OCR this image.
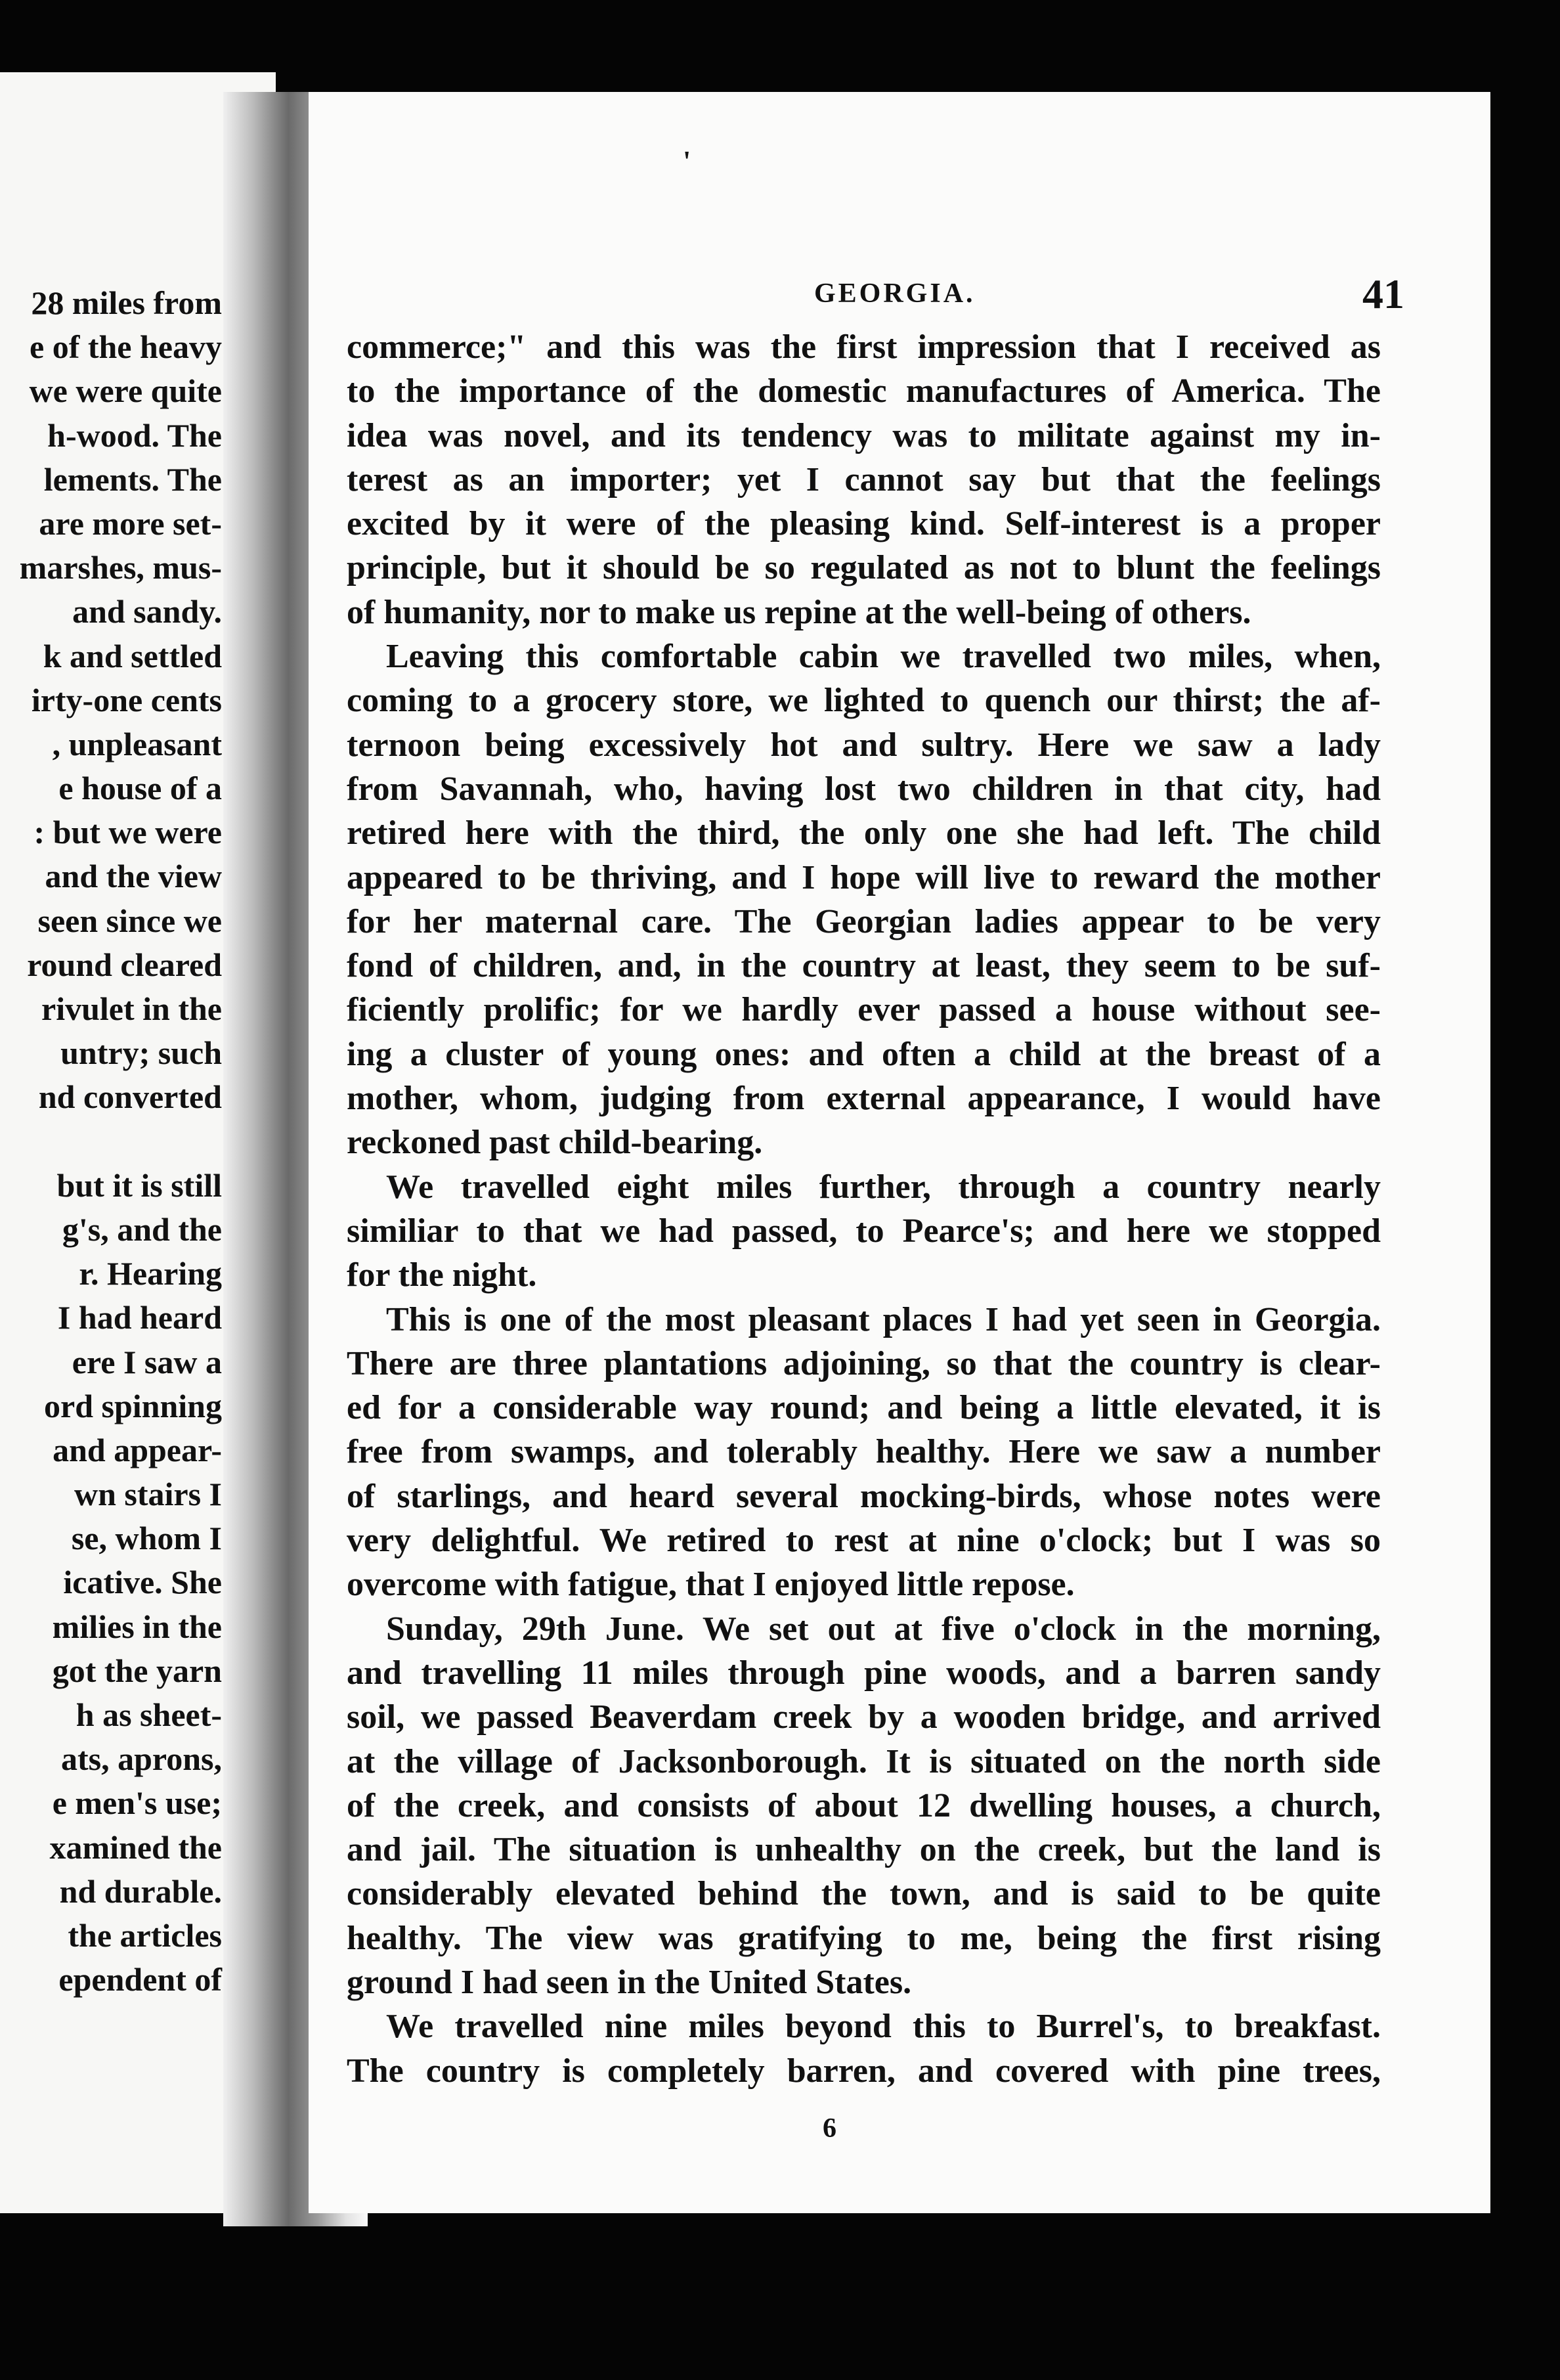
28 miles from
e of the heavy
we were quite
h-wood. The
lements. The
are more set-
marshes, mus-
and sandy.
k and settled
irty-one cents
, unpleasant
e house of a
: but we were
and the view
seen since we
round cleared
rivulet in the
untry; such
nd converted
but it is still
g's, and the
r. Hearing
I had heard
ere I saw a
ord spinning
and appear-
wn stairs I
se, whom I
icative. She
milies in the
got the yarn
h as sheet-
ats, aprons,
e men's use;
xamined the
nd durable.
the articles
ependent of
'
GEORGIA.	41
commerce;" and this was the first impression that I received as
to the importance of the domestic manufactures of America. The
idea was novel, and its tendency was to militate against my in-
terest as an importer; yet I cannot say but that the feelings
excited by it were of the pleasing kind. Self-interest is a proper
principle, but it should be so regulated as not to blunt the feelings
of humanity, nor to make us repine at the well-being of others.
Leaving this comfortable cabin we travelled two miles, when,
coming to a grocery store, we lighted to quench our thirst; the af-
ternoon being excessively hot and sultry. Here we saw a lady
from Savannah, who, having lost two children in that city, had
retired here with the third, the only one she had left. The child
appeared to be thriving, and I hope will live to reward the mother
for her maternal care. The Georgian ladies appear to be very
fond of children, and, in the country at least, they seem to be suf-
ficiently prolific; for we hardly ever passed a house without see-
ing a cluster of young ones: and often a child at the breast of a
mother, whom, judging from external appearance, I would have
reckoned past child-bearing.
We travelled eight miles further, through a country nearly
similiar to that we had passed, to Pearce's; and here we stopped
for the night.
This is one of the most pleasant places I had yet seen in Georgia.
There are three plantations adjoining, so that the country is clear-
ed for a considerable way round; and being a little elevated, it is
free from swamps, and tolerably healthy. Here we saw a number
of starlings, and heard several mocking-birds, whose notes were
very delightful. We retired to rest at nine o'clock; but I was so
overcome with fatigue, that I enjoyed little repose.
Sunday, 29th June. We set out at five o'clock in the morning,
and travelling 11 miles through pine woods, and a barren sandy
soil, we passed Beaverdam creek by a wooden bridge, and arrived
at the village of Jacksonborough. It is situated on the north side
of the creek, and consists of about 12 dwelling houses, a church,
and jail. The situation is unhealthy on the creek, but the land is
considerably elevated behind the town, and is said to be quite
healthy. The view was gratifying to me, being the first rising
ground I had seen in the United States.
We travelled nine miles beyond this to Burrel's, to breakfast.
The country is completely barren, and covered with pine trees,
6
